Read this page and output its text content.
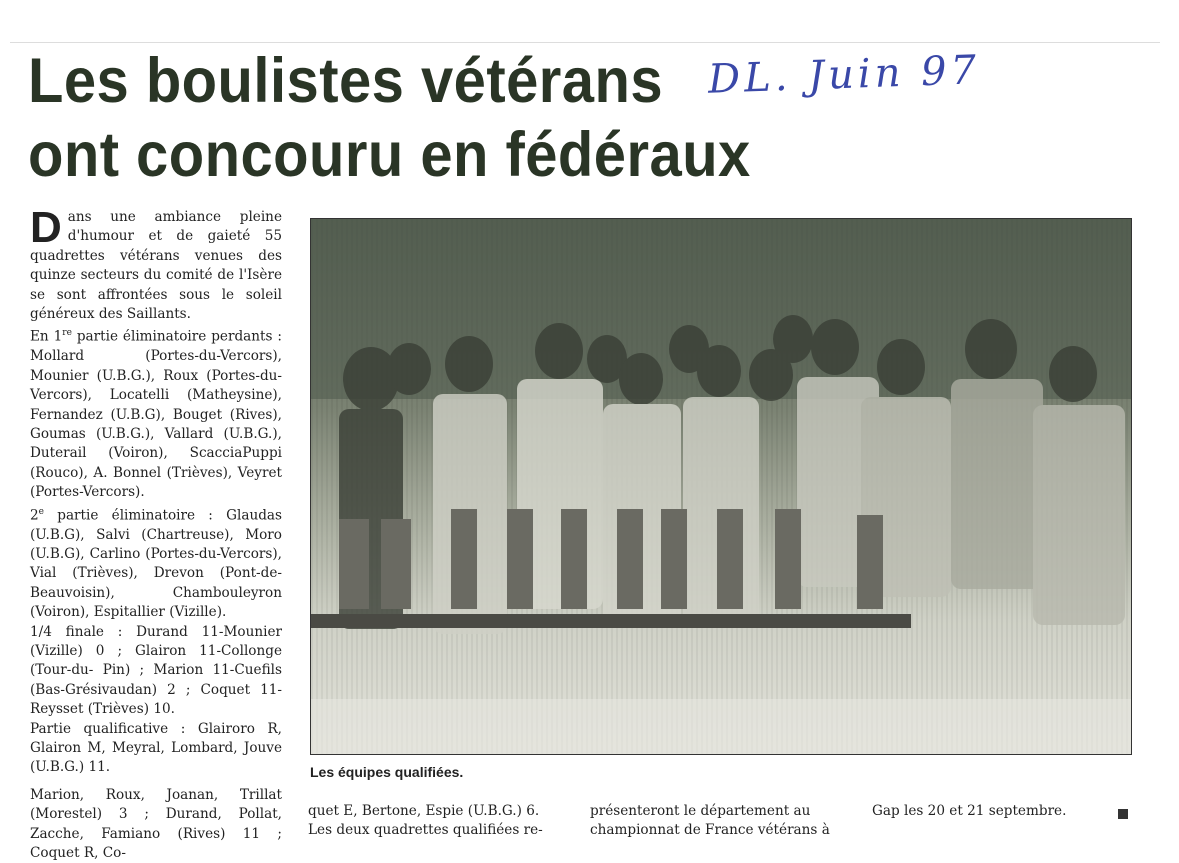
Les boulistes vétérans
ont concouru en fédéraux
DL. Juin 97

Dans une ambiance pleine d'humour et de gaieté 55 quadrettes vétérans venues des quinze secteurs du comité de l'Isère se sont affrontées sous le soleil généreux des Saillants.

En 1re partie éliminatoire perdants : Mollard (Portes-du-Vercors), Mounier (U.B.G.), Roux (Portes-du-Vercors), Locatelli (Matheysine), Fernandez (U.B.G), Bouget (Rives), Goumas (U.B.G.), Vallard (U.B.G.), Duterail (Voiron), ScacciaPuppi (Rouco), A. Bonnel (Trièves), Veyret (Portes-Vercors).

2e partie éliminatoire : Glaudas (U.B.G), Salvi (Chartreuse), Moro (U.B.G), Carlino (Portes-du-Vercors), Vial (Trièves), Drevon (Pont-de-Beauvoisin), Chambouleyron (Voiron), Espitallier (Vizille).

1/4 finale : Durand 11-Mounier (Vizille) 0 ; Glairon 11-Collonge (Tour-du- Pin) ; Marion 11-Cuefils (Bas-Grésivaudan) 2 ; Coquet 11-Reysset (Trièves) 10.

Partie qualificative : Glairoro R, Glairon M, Meyral, Lombard, Jouve (U.B.G.) 11.

Marion, Roux, Joanan, Trillat (Morestel) 3 ; Durand, Pollat, Zacche, Famiano (Rives) 11 ; Coquet R, Co-

Les équipes qualifiées.

quet E, Bertone, Espie (U.B.G.) 6.

Les deux quadrettes qualifiées re-

présenteront le département au

championnat de France vétérans à

Gap les 20 et 21 septembre.
